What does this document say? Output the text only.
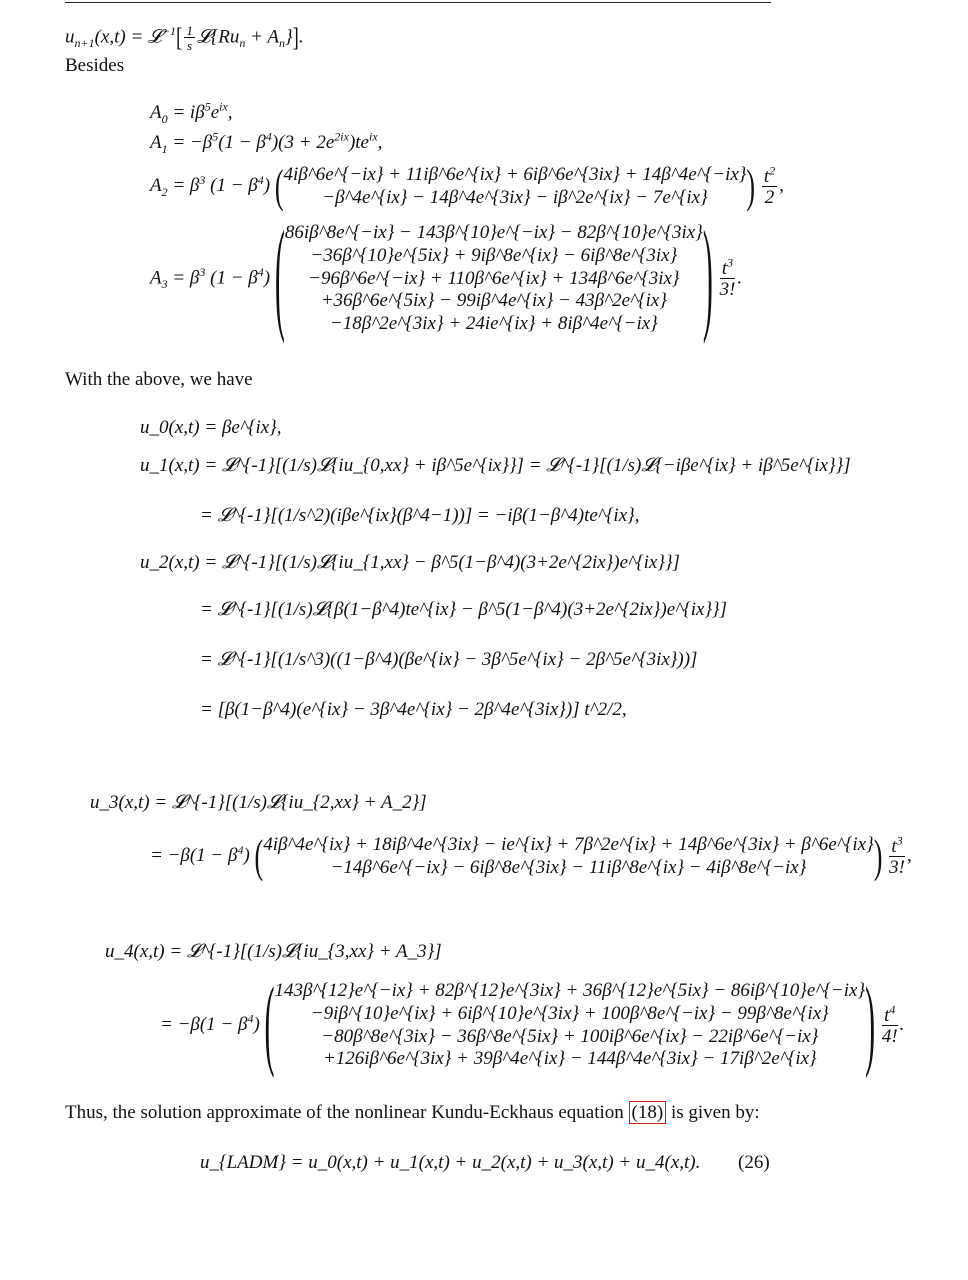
$u_{n+1}(x,t)$ = 𝓛$^{-1}$[ $\frac{1}{s}$ $𝓛\{Ru_n + A_n\}$].
Besides
$A_0 = i\beta^5e^{ix}$,
$A_1 = -\beta^5(1 - \beta^4)(3 + 2e^{2ix})te^{ix}$,
$A_2 = \beta^3$ $(1 - \beta^4)$ ( 4iβ^6e^{−ix} + 11iβ^6e^{ix} + 6iβ^6e^{3ix} + 14β^4e^{−ix}
−β^4e^{ix} − 14β^4e^{3ix} − iβ^2e^{ix} − 7e^{ix}	) $\frac{t^2}{2}$ ,
$A_3 = \beta^3$ $(1 - \beta^4)$ ( 86iβ^8e^{−ix} − 143β^{10}e^{−ix} − 82β^{10}e^{3ix}
−36β^{10}e^{5ix} + 9iβ^8e^{ix} − 6iβ^8e^{3ix}
−96β^6e^{−ix} + 110β^6e^{ix} + 134β^6e^{3ix}
+36β^6e^{5ix} − 99iβ^4e^{ix} − 43β^2e^{ix}
−18β^2e^{3ix} + 24ie^{ix} + 8iβ^4e^{−ix}	) $\frac{t^3}{3!}$ .
With the above, we have
u_0(x,t) = βe^{ix},
u_1(x,t) = 𝓛^{-1}[(1/s)𝓛{iu_{0,xx} + iβ^5e^{ix}}] = 𝓛^{-1}[(1/s)𝓛{−iβe^{ix} + iβ^5e^{ix}}]
= 𝓛^{-1}[(1/s^2)(iβe^{ix}(β^4−1))] = −iβ(1−β^4)te^{ix},
u_2(x,t) = 𝓛^{-1}[(1/s)𝓛{iu_{1,xx} − β^5(1−β^4)(3+2e^{2ix})e^{ix}}]
= 𝓛^{-1}[(1/s)𝓛{β(1−β^4)te^{ix} − β^5(1−β^4)(3+2e^{2ix})e^{ix}}]
= 𝓛^{-1}[(1/s^3)((1−β^4)(βe^{ix} − 3β^5e^{ix} − 2β^5e^{3ix}))]
= [β(1−β^4)(e^{ix} − 3β^4e^{ix} − 2β^4e^{3ix})] t^2/2,
u_3(x,t) = 𝓛^{-1}[(1/s)𝓛{iu_{2,xx} + A_2}]
= $-\beta(1 - \beta^4)$ ( 4iβ^4e^{ix} + 18iβ^4e^{3ix} − ie^{ix} + 7β^2e^{ix} + 14β^6e^{3ix} + β^6e^{ix}
−14β^6e^{−ix} − 6iβ^8e^{3ix} − 11iβ^8e^{ix} − 4iβ^8e^{−ix}	) $\frac{t^3}{3!}$ ,
u_4(x,t) = 𝓛^{-1}[(1/s)𝓛{iu_{3,xx} + A_3}]
= $-\beta(1 - \beta^4)$ ( 143β^{12}e^{−ix} + 82β^{12}e^{3ix} + 36β^{12}e^{5ix} − 86iβ^{10}e^{−ix}
−9iβ^{10}e^{ix} + 6iβ^{10}e^{3ix} + 100β^8e^{−ix} − 99β^8e^{ix}
−80β^8e^{3ix} − 36β^8e^{5ix} + 100iβ^6e^{ix} − 22iβ^6e^{−ix}
+126iβ^6e^{3ix} + 39β^4e^{ix} − 144β^4e^{3ix} − 17iβ^2e^{ix}	) $\frac{t^4}{4!}$ .
Thus, the solution approximate of the nonlinear Kundu-Eckhaus equation (18) is given by:
u_{LADM} = u_0(x,t) + u_1(x,t) + u_2(x,t) + u_3(x,t) + u_4(x,t). (26)
